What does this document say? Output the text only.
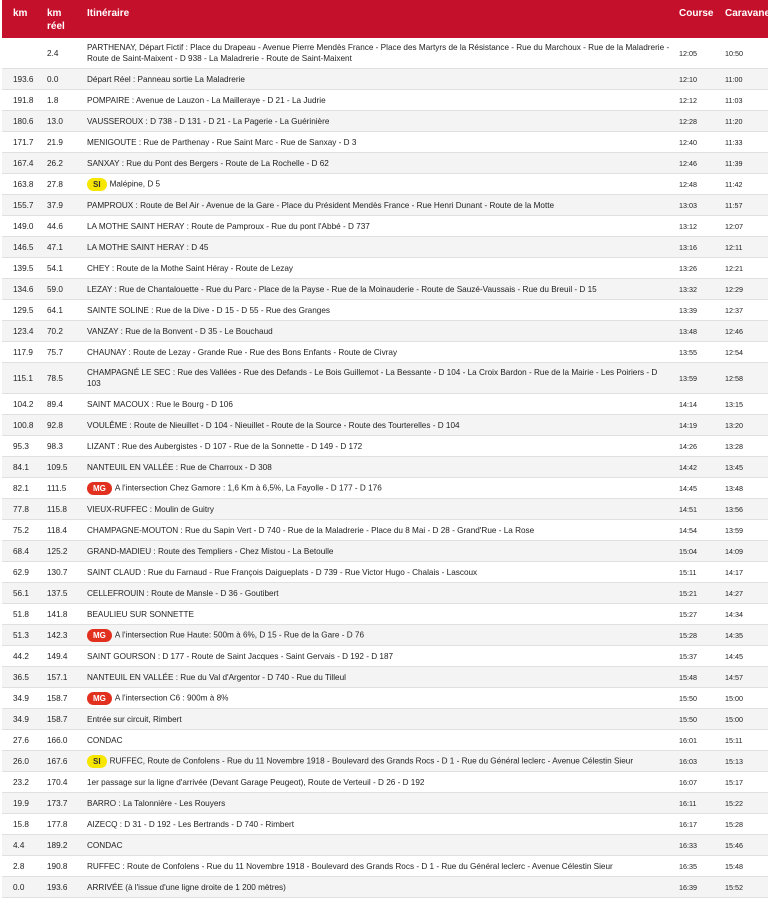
km	km réel	Itinéraire	Course	Caravane
	2.4	PARTHENAY, Départ Fictif : Place du Drapeau - Avenue Pierre Mendès France - Place des Martyrs de la Résistance - Rue du Marchoux - Rue de la Maladrerie - Route de Saint-Maixent - D 938 - La Maladrerie - Route de Saint-Maixent	12:05	10:50
193.6	0.0	Départ Réel : Panneau sortie La Maladrerie	12:10	11:00
191.8	1.8	POMPAIRE : Avenue de Lauzon - La Mailleraye - D 21 - La Judrie	12:12	11:03
180.6	13.0	VAUSSEROUX : D 738 - D 131 - D 21 - La Pagerie - La Guérinière	12:28	11:20
171.7	21.9	MENIGOUTE : Rue de Parthenay - Rue Saint Marc - Rue de Sanxay - D 3	12:40	11:33
167.4	26.2	SANXAY : Rue du Pont des Bergers - Route de La Rochelle - D 62	12:46	11:39
163.8	27.8	SI Malépine, D 5	12:48	11:42
155.7	37.9	PAMPROUX : Route de Bel Air - Avenue de la Gare - Place du Président Mendès France - Rue Henri Dunant - Route de la Motte	13:03	11:57
149.0	44.6	LA MOTHE SAINT HERAY : Route de Pamproux - Rue du pont l'Abbé - D 737	13:12	12:07
146.5	47.1	LA MOTHE SAINT HERAY : D 45	13:16	12:11
139.5	54.1	CHEY : Route de la Mothe Saint Héray - Route de Lezay	13:26	12:21
134.6	59.0	LEZAY : Rue de Chantalouette - Rue du Parc - Place de la Payse - Rue de la Moinauderie - Route de Sauzé-Vaussais - Rue du Breuil - D 15	13:32	12:29
129.5	64.1	SAINTE SOLINE : Rue de la Dive - D 15 - D 55 - Rue des Granges	13:39	12:37
123.4	70.2	VANZAY : Rue de la Bonvent - D 35 - Le Bouchaud	13:48	12:46
117.9	75.7	CHAUNAY : Route de Lezay - Grande Rue - Rue des Bons Enfants - Route de Civray	13:55	12:54
115.1	78.5	CHAMPAGNÉ LE SEC : Rue des Vallées - Rue des Defands - Le Bois Guillemot - La Bessante - D 104 - La Croix Bardon - Rue de la Mairie - Les Poiriers - D 103	13:59	12:58
104.2	89.4	SAINT MACOUX : Rue le Bourg - D 106	14:14	13:15
100.8	92.8	VOULÊME : Route de Nieuillet - D 104 - Nieuillet - Route de la Source - Route des Tourterelles - D 104	14:19	13:20
95.3	98.3	LIZANT : Rue des Aubergistes - D 107 - Rue de la Sonnette - D 149 - D 172	14:26	13:28
84.1	109.5	NANTEUIL EN VALLÉE : Rue de Charroux - D 308	14:42	13:45
82.1	111.5	MG A l'intersection Chez Gamore : 1,6 Km à 6,5%, La Fayolle - D 177 - D 176	14:45	13:48
77.8	115.8	VIEUX-RUFFEC : Moulin de Guitry	14:51	13:56
75.2	118.4	CHAMPAGNE-MOUTON : Rue du Sapin Vert - D 740 - Rue de la Maladrerie - Place du 8 Mai - D 28 - Grand'Rue - La Rose	14:54	13:59
68.4	125.2	GRAND-MADIEU : Route des Templiers - Chez Mistou - La Betoulle	15:04	14:09
62.9	130.7	SAINT CLAUD : Rue du Farnaud - Rue François Daigueplats - D 739 - Rue Victor Hugo - Chalais - Lascoux	15:11	14:17
56.1	137.5	CELLEFROUIN : Route de Mansle - D 36 - Goutibert	15:21	14:27
51.8	141.8	BEAULIEU SUR SONNETTE	15:27	14:34
51.3	142.3	MG A l'intersection Rue Haute: 500m à 6%, D 15 - Rue de la Gare - D 76	15:28	14:35
44.2	149.4	SAINT GOURSON : D 177 - Route de Saint Jacques - Saint Gervais - D 192 - D 187	15:37	14:45
36.5	157.1	NANTEUIL EN VALLÉE : Rue du Val d'Argentor - D 740 - Rue du Tilleul	15:48	14:57
34.9	158.7	MG A l'intersection C6 : 900m à 8%	15:50	15:00
34.9	158.7	Entrée sur circuit, Rimbert	15:50	15:00
27.6	166.0	CONDAC	16:01	15:11
26.0	167.6	SI RUFFEC, Route de Confolens - Rue du 11 Novembre 1918 - Boulevard des Grands Rocs - D 1 - Rue du Général leclerc - Avenue Célestin Sieur	16:03	15:13
23.2	170.4	1er passage sur la ligne d'arrivée (Devant Garage Peugeot), Route de Verteuil - D 26 - D 192	16:07	15:17
19.9	173.7	BARRO : La Talonnière - Les Rouyers	16:11	15:22
15.8	177.8	AIZECQ : D 31 - D 192 - Les Bertrands - D 740 - Rimbert	16:17	15:28
4.4	189.2	CONDAC	16:33	15:46
2.8	190.8	RUFFEC : Route de Confolens - Rue du 11 Novembre 1918 - Boulevard des Grands Rocs - D 1 - Rue du Général leclerc - Avenue Célestin Sieur	16:35	15:48
0.0	193.6	ARRIVÉE (à l'issue d'une ligne droite de 1 200 mètres)	16:39	15:52
